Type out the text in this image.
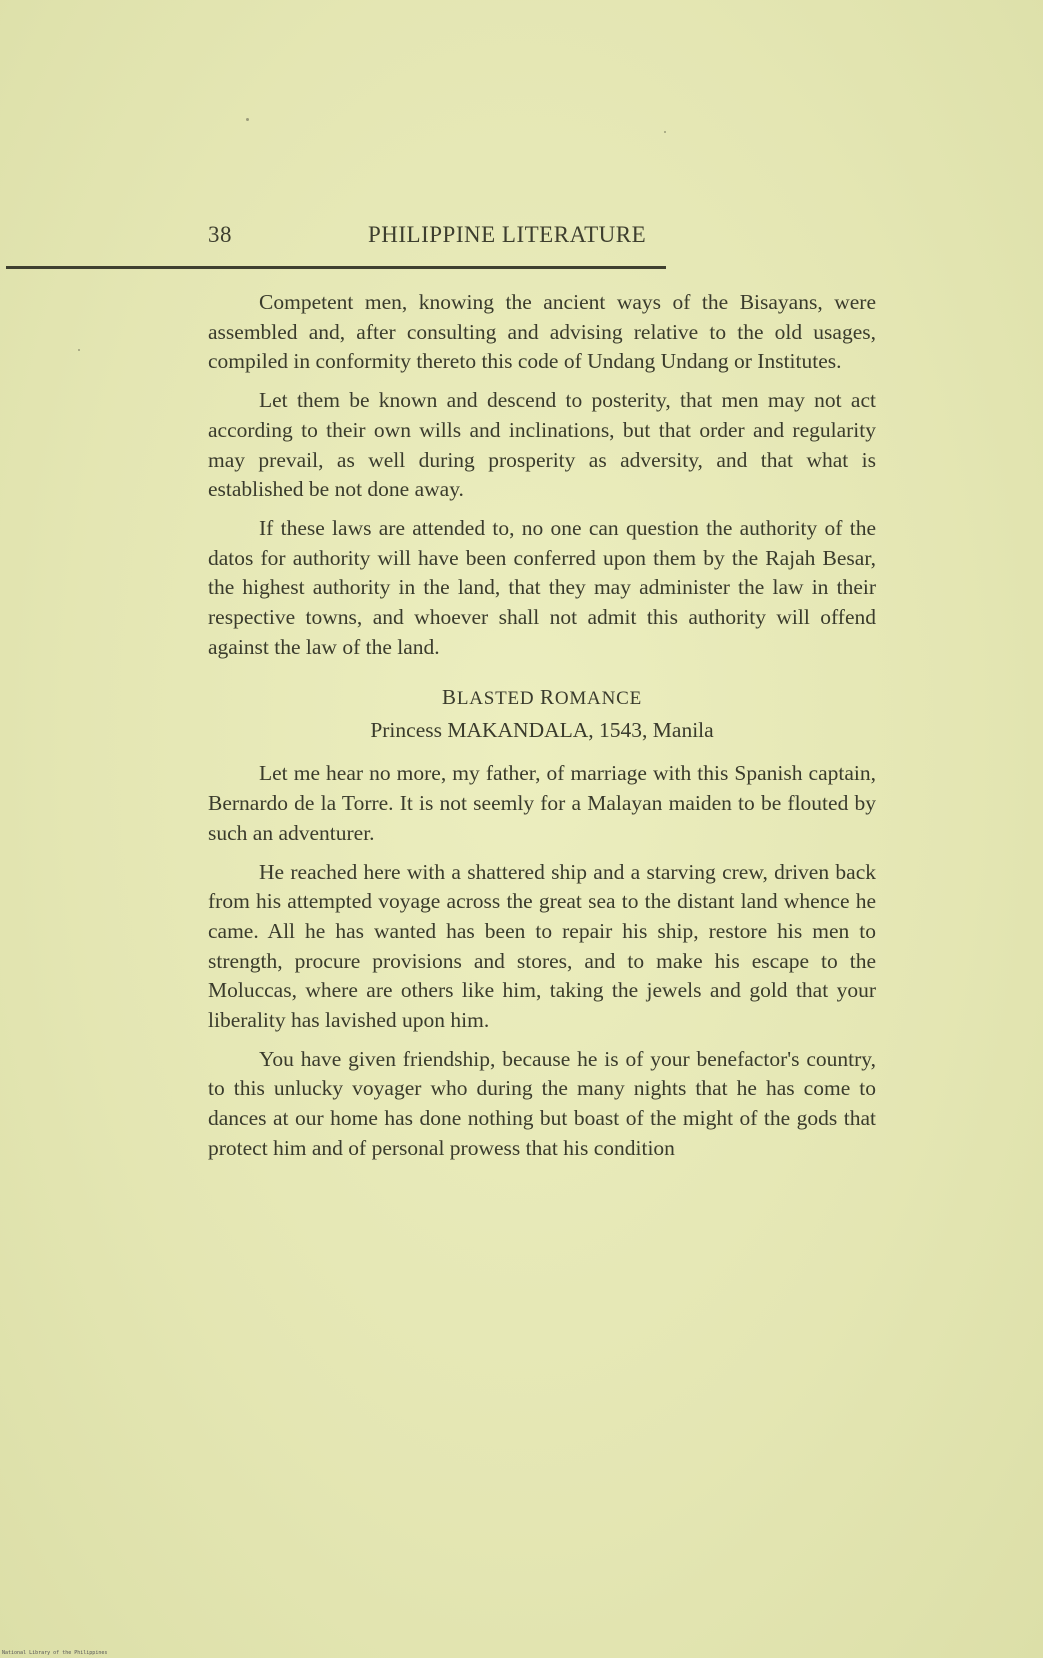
38	PHILIPPINE LITERATURE

Competent men, knowing the ancient ways of the Bisayans, were assembled and, after consulting and advising relative to the old usages, compiled in conformity thereto this code of Undang Undang or Institutes.

Let them be known and descend to posterity, that men may not act according to their own wills and inclinations, but that order and regularity may prevail, as well during prosperity as adversity, and that what is established be not done away.

If these laws are attended to, no one can question the authority of the datos for authority will have been conferred upon them by the Rajah Besar, the highest authority in the land, that they may administer the law in their respective towns, and whoever shall not admit this authority will offend against the law of the land.

BLASTED ROMANCE
Princess MAKANDALA, 1543, Manila

Let me hear no more, my father, of marriage with this Spanish captain, Bernardo de la Torre. It is not seemly for a Malayan maiden to be flouted by such an adventurer.

He reached here with a shattered ship and a starving crew, driven back from his attempted voyage across the great sea to the distant land whence he came. All he has wanted has been to repair his ship, restore his men to strength, procure provisions and stores, and to make his escape to the Moluccas, where are others like him, taking the jewels and gold that your liberality has lavished upon him.

You have given friendship, because he is of your benefactor's country, to this unlucky voyager who during the many nights that he has come to dances at our home has done nothing but boast of the might of the gods that protect him and of personal prowess that his condition

National Library of the Philippines
